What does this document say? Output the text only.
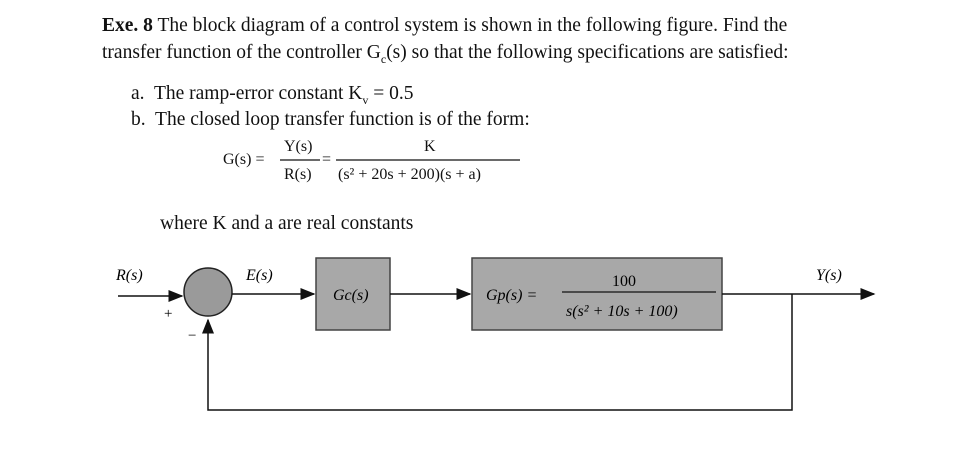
Exe. 8 The block diagram of a control system is shown in the following figure. Find the
transfer function of the controller $G_c(s)$ so that the following specifications are satisfied:
a. The ramp-error constant $K_v = 0.5$
b. The closed loop transfer function is of the form:
G(s) =
Y(s)
R(s)
=
K
(s² + 20s + 200)(s + a)
where K and a are real constants
R(s)	E(s)
Gc(s)	Gp(s) =
100
s(s² + 10s + 100)
Y(s)
+
−
